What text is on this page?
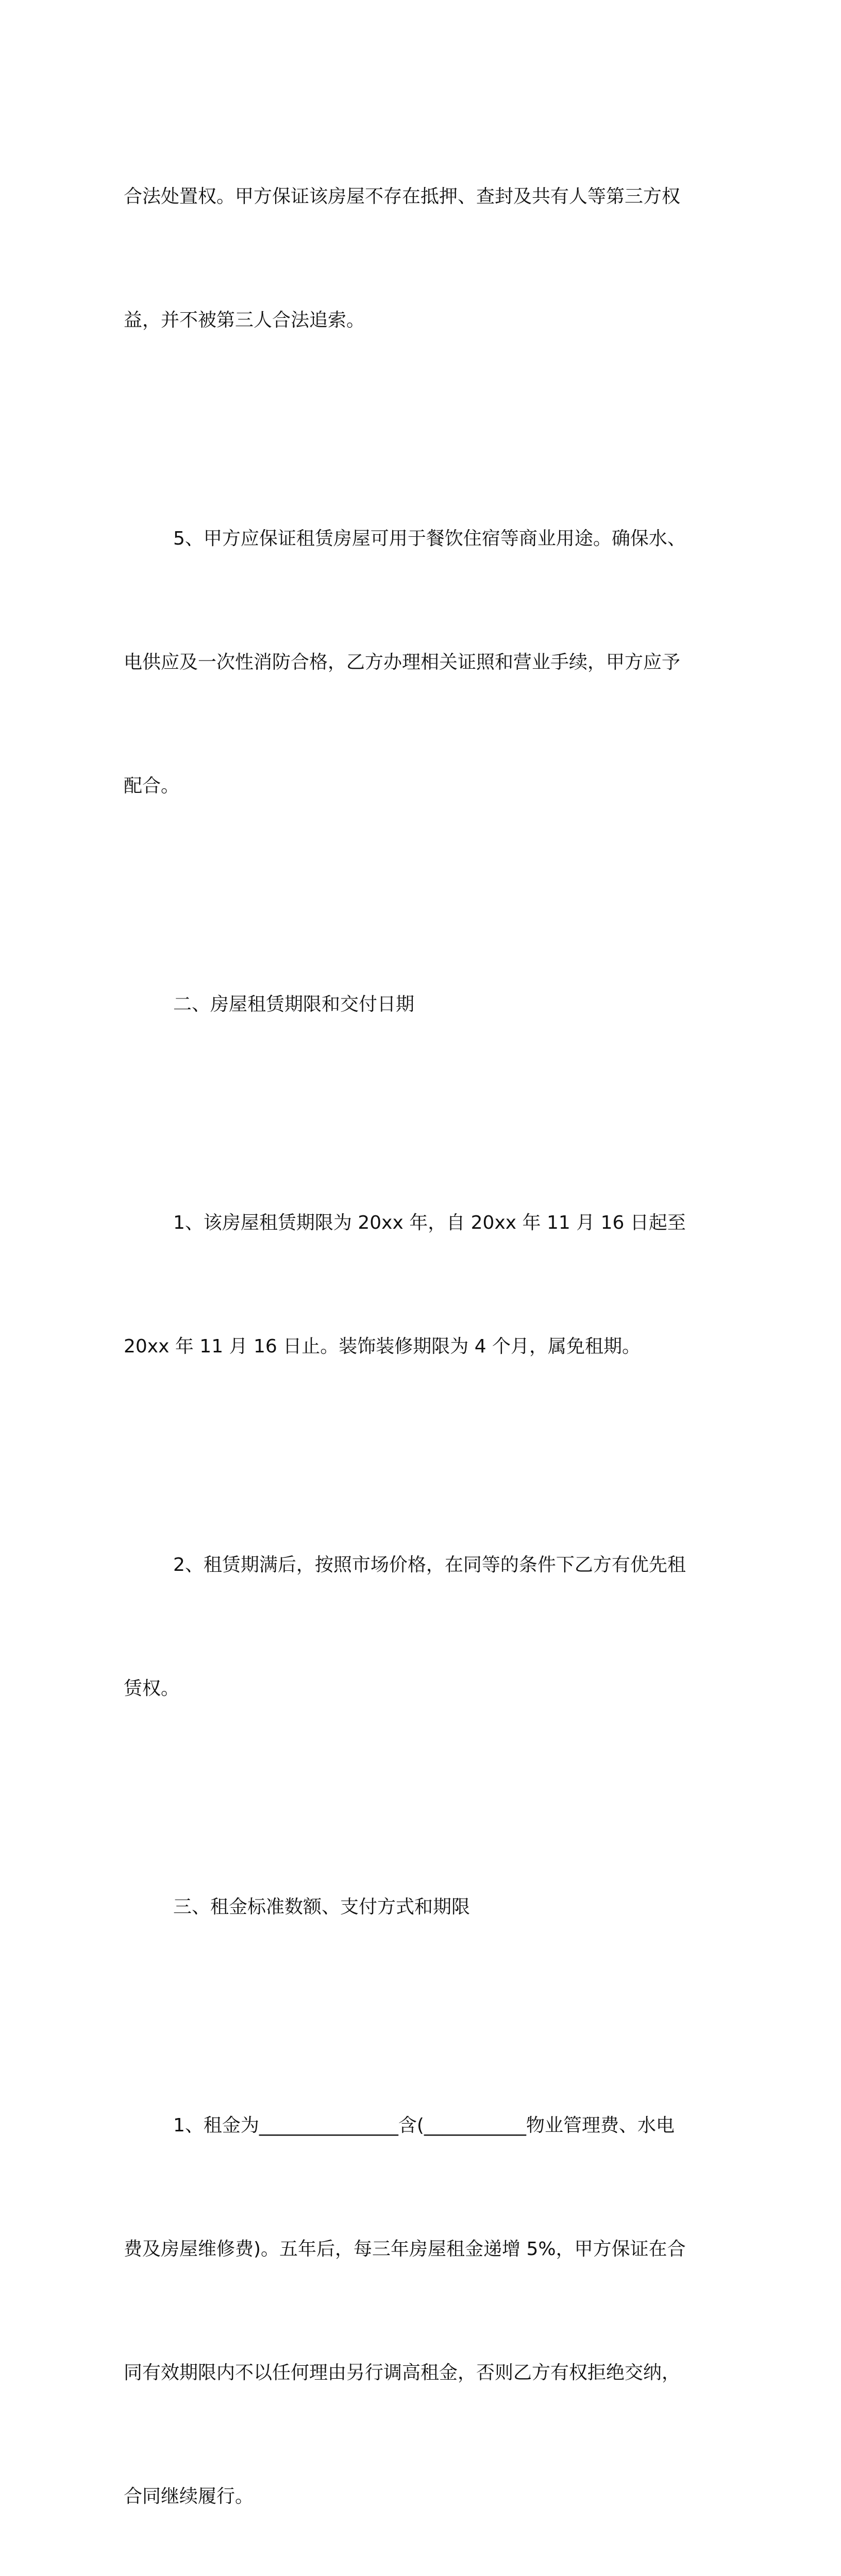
合法处置权。甲方保证该房屋不存在抵押、查封及共有人等第三方权

益，并不被第三人合法追索。

5、甲方应保证租赁房屋可用于餐饮住宿等商业用途。确保水、

电供应及一次性消防合格，乙方办理相关证照和营业手续，甲方应予

配合。

二、房屋租赁期限和交付日期

1、该房屋租赁期限为 20xx 年，自 20xx 年 11 月 16 日起至

20xx 年 11 月 16 日止。装饰装修期限为 4 个月，属免租期。

2、租赁期满后，按照市场价格，在同等的条件下乙方有优先租

赁权。

三、租金标准数额、支付方式和期限

1、租金为_______________含(___________物业管理费、水电

费及房屋维修费)。五年后，每三年房屋租金递增 5%，甲方保证在合

同有效期限内不以任何理由另行调高租金，否则乙方有权拒绝交纳，

合同继续履行。
